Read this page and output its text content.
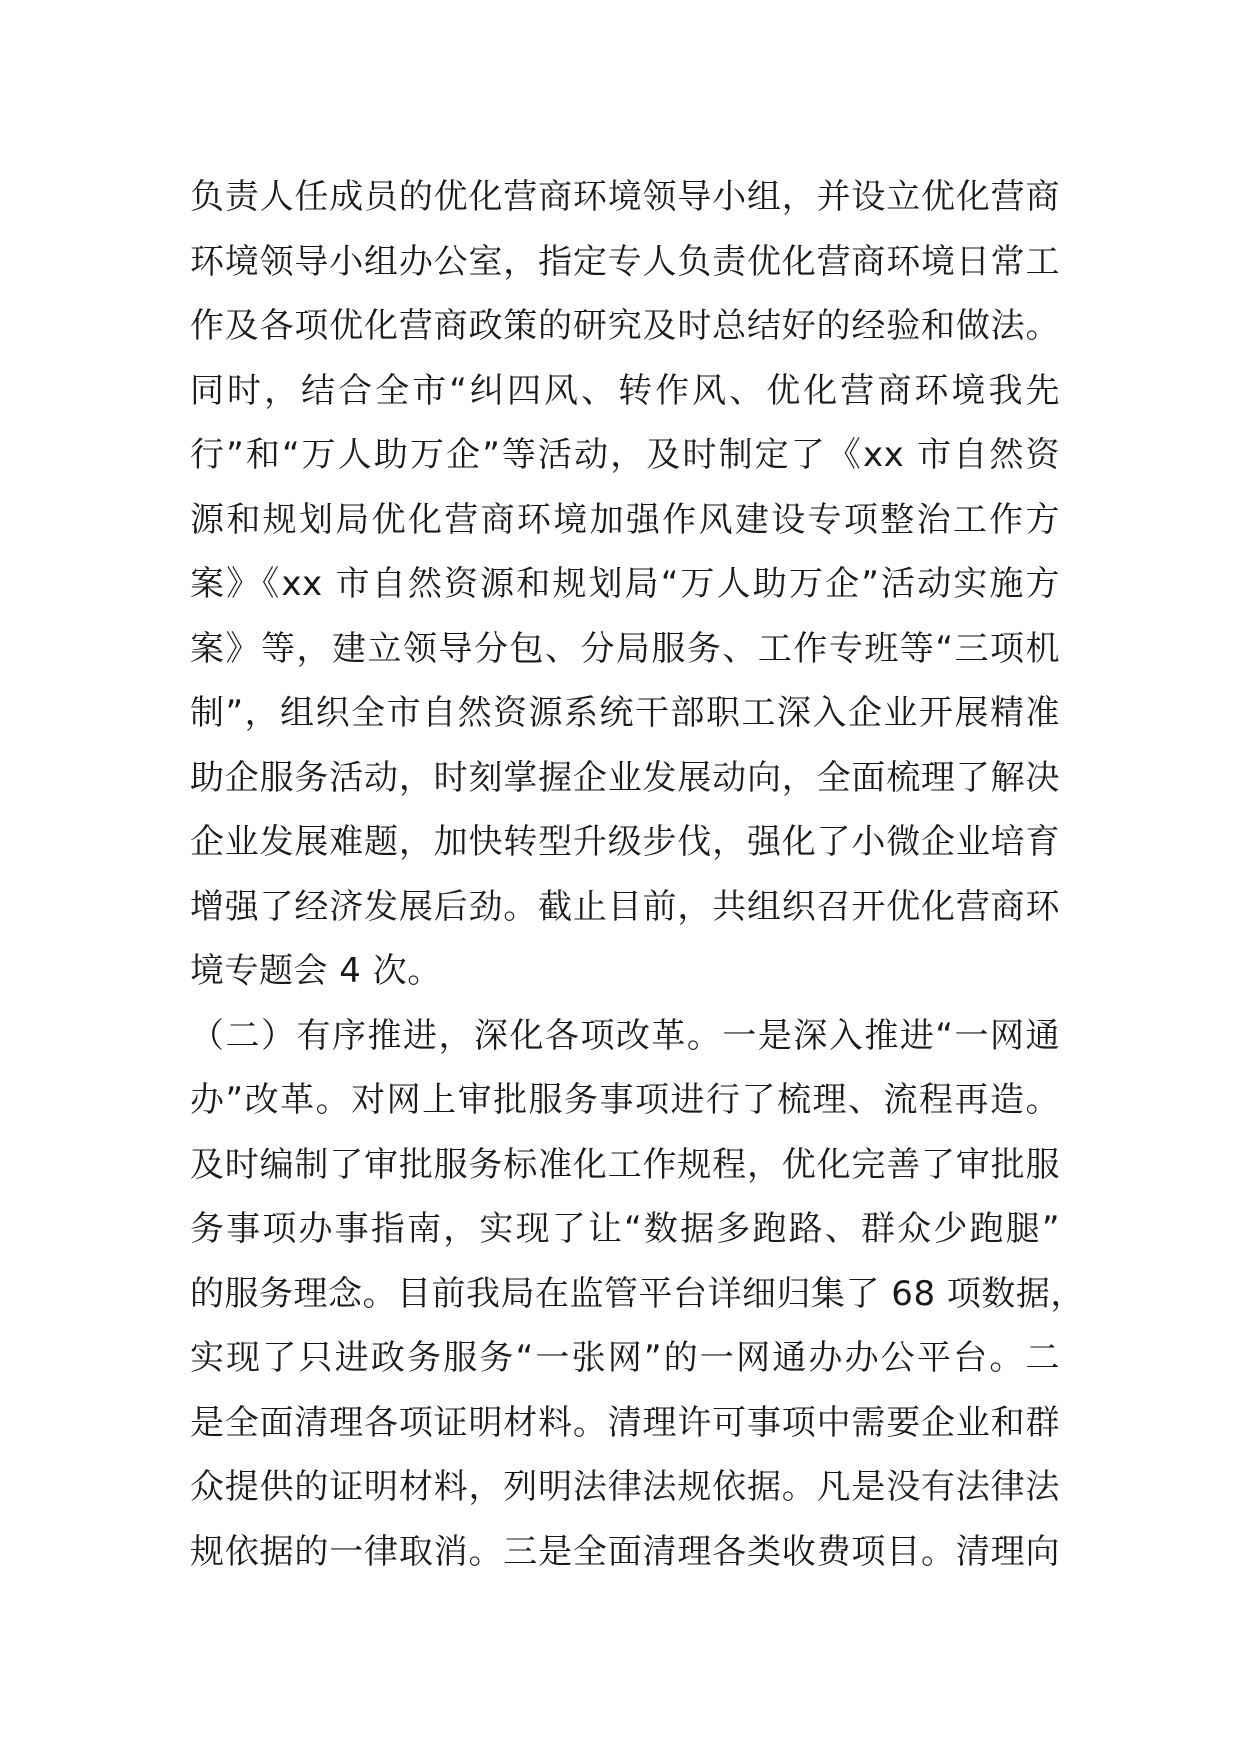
负责人任成员的优化营商环境领导小组，并设立优化营商
环境领导小组办公室，指定专人负责优化营商环境日常工
作及各项优化营商政策的研究及时总结好的经验和做法。
同时，结合全市“纠四风、转作风、优化营商环境我先
行”和“万人助万企”等活动，及时制定了《xx 市自然资
源和规划局优化营商环境加强作风建设专项整治工作方
案》《xx 市自然资源和规划局“万人助万企”活动实施方
案》等，建立领导分包、分局服务、工作专班等“三项机
制”，组织全市自然资源系统干部职工深入企业开展精准
助企服务活动，时刻掌握企业发展动向，全面梳理了解决
企业发展难题，加快转型升级步伐，强化了小微企业培育
增强了经济发展后劲。截止目前，共组织召开优化营商环
境专题会 4 次。
（二）有序推进，深化各项改革。一是深入推进“一网通
办”改革。对网上审批服务事项进行了梳理、流程再造。
及时编制了审批服务标准化工作规程，优化完善了审批服
务事项办事指南，实现了让“数据多跑路、群众少跑腿”
的服务理念。目前我局在监管平台详细归集了 68 项数据，
实现了只进政务服务“一张网”的一网通办办公平台。二
是全面清理各项证明材料。清理许可事项中需要企业和群
众提供的证明材料，列明法律法规依据。凡是没有法律法
规依据的一律取消。三是全面清理各类收费项目。清理向
